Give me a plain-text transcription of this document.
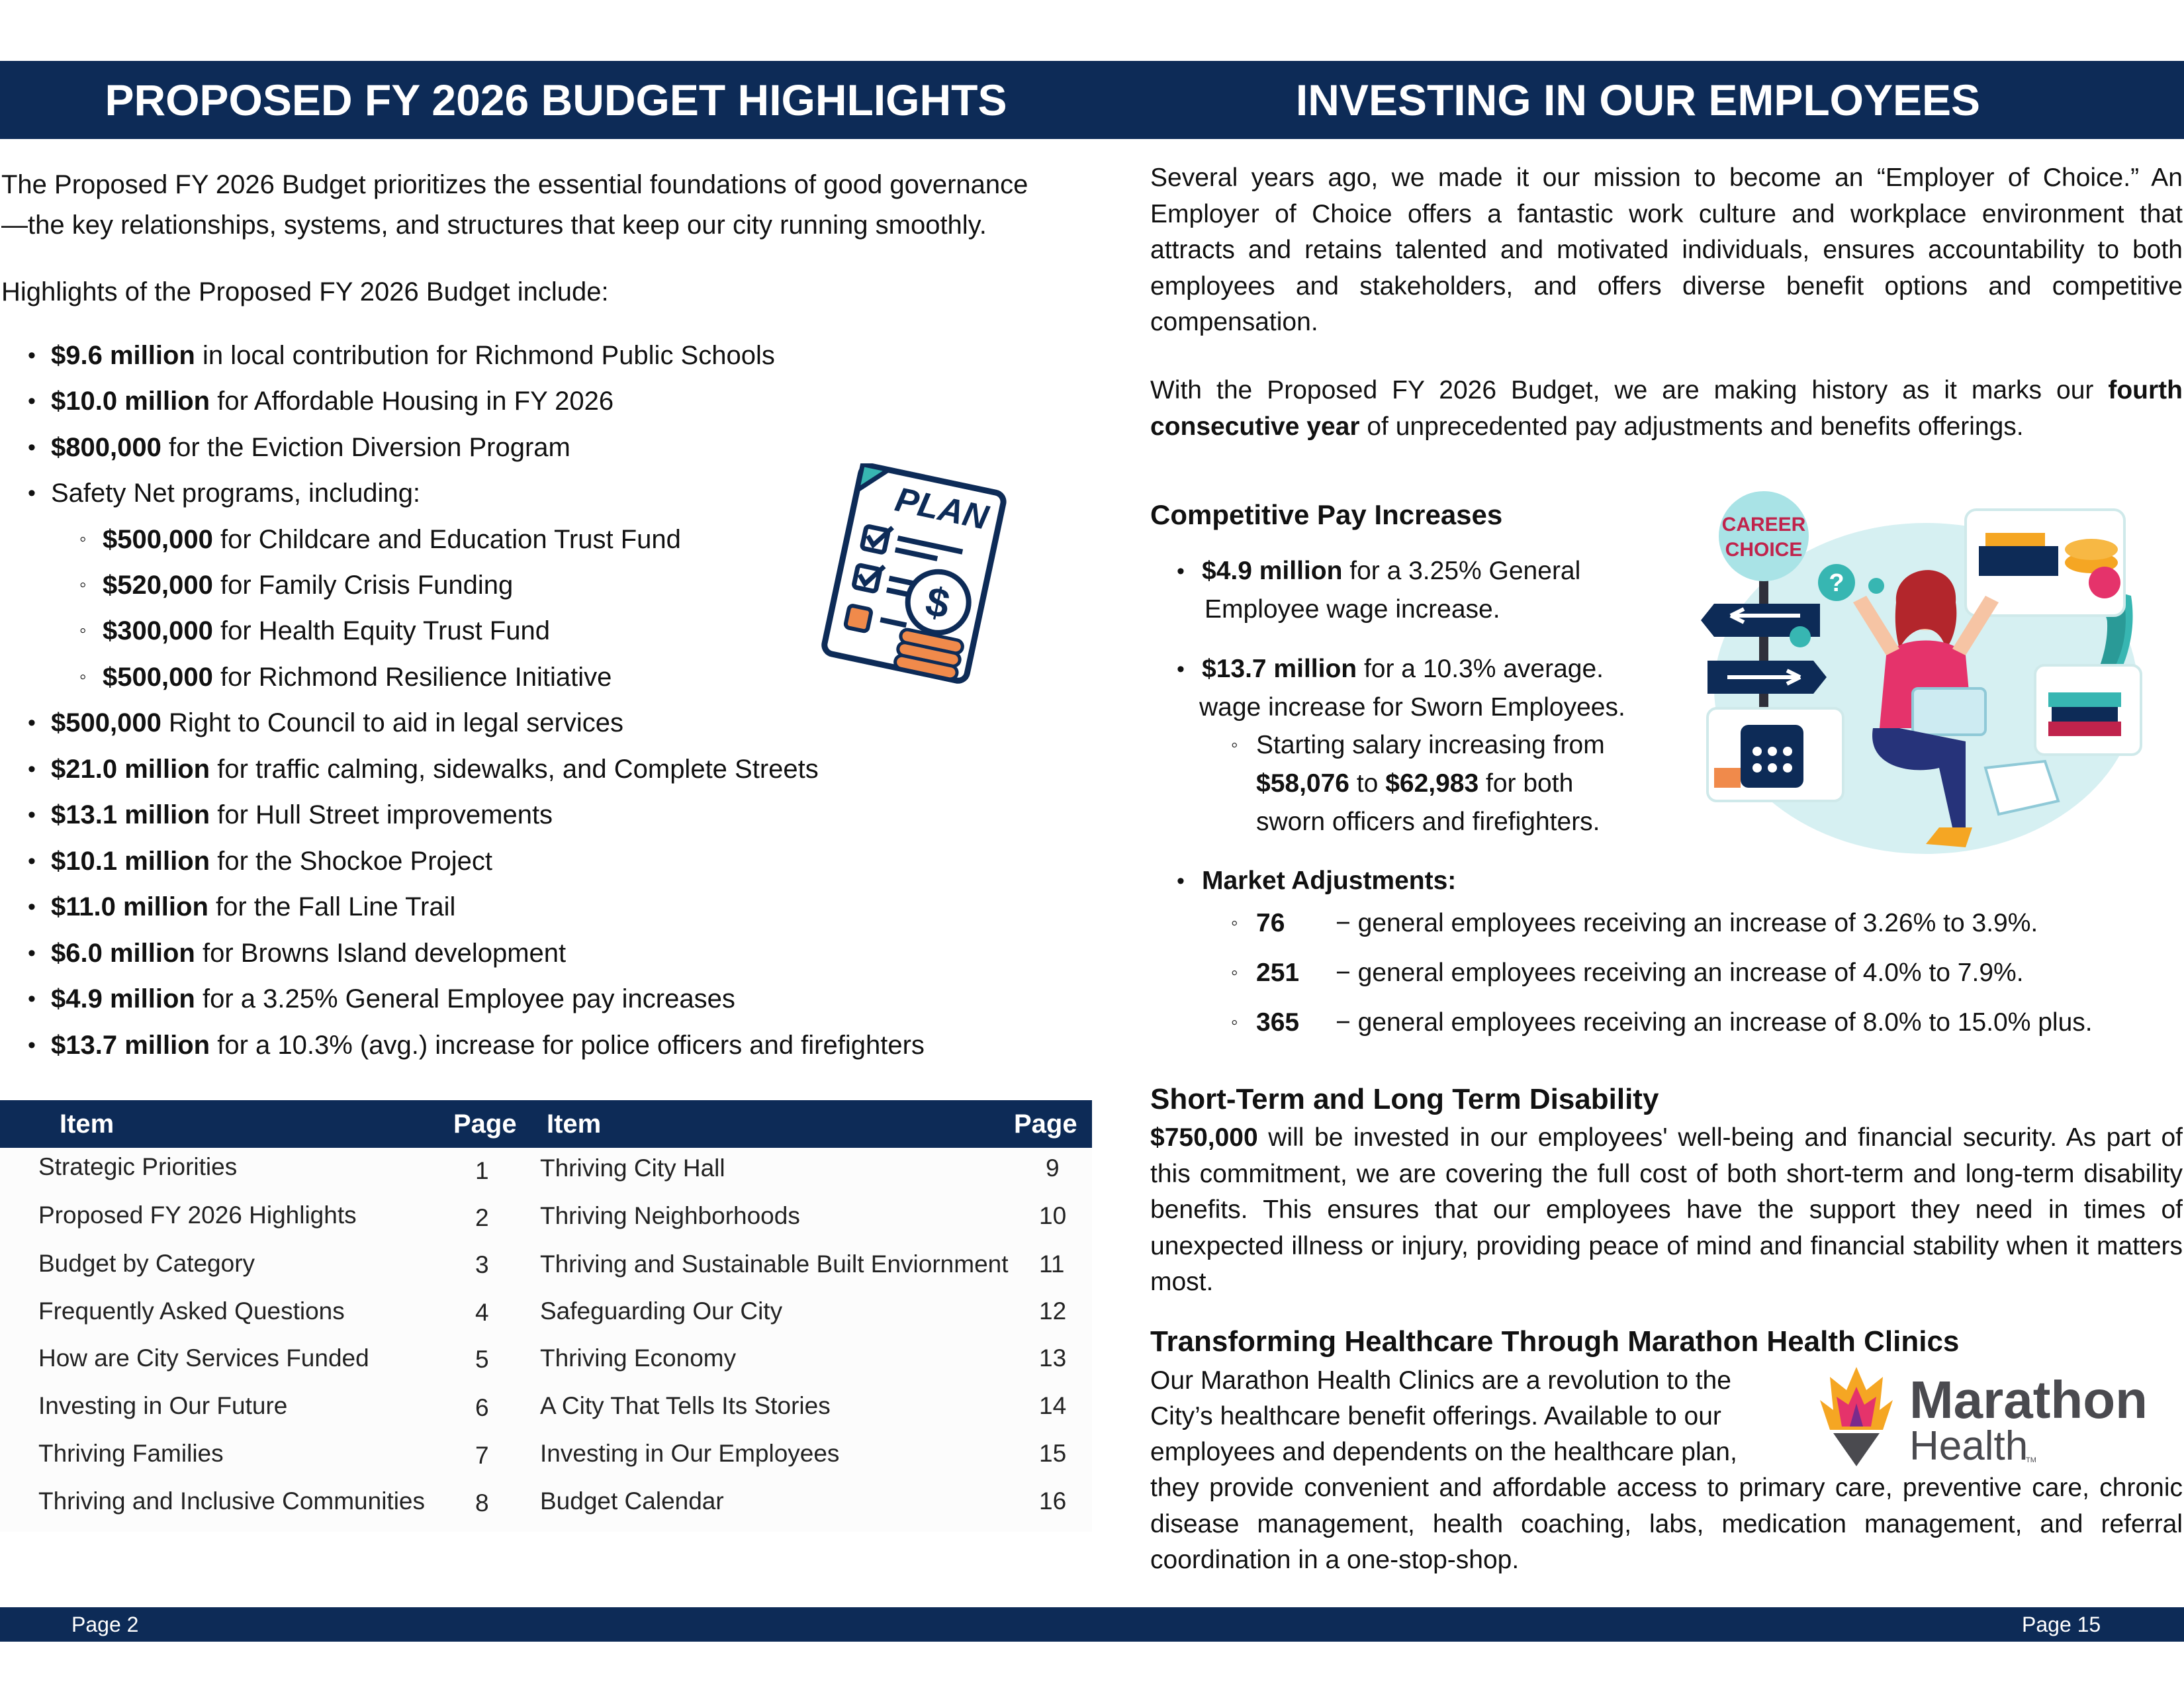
PROPOSED FY 2026 BUDGET HIGHLIGHTS	INVESTING IN OUR EMPLOYEES
The Proposed FY 2026 Budget prioritizes the essential foundations of good governance
—the key relationships, systems, and structures that keep our city running smoothly.
Highlights of the Proposed FY 2026 Budget include:
• $9.6 million in local contribution for Richmond Public Schools
• $10.0 million for Affordable Housing in FY 2026
• $800,000 for the Eviction Diversion Program
• Safety Net programs, including:
◦ $500,000 for Childcare and Education Trust Fund
◦ $520,000 for Family Crisis Funding
◦ $300,000 for Health Equity Trust Fund
◦ $500,000 for Richmond Resilience Initiative
• $500,000 Right to Council to aid in legal services
• $21.0 million for traffic calming, sidewalks, and Complete Streets
• $13.1 million for Hull Street improvements
• $10.1 million for the Shockoe Project
• $11.0 million for the Fall Line Trail
• $6.0 million for Browns Island development
• $4.9 million for a 3.25% General Employee pay increases
• $13.7 million for a 10.3% (avg.) increase for police officers and firefighters
PLAN
$
Item	Page Item	Page
Strategic Priorities	1 Thriving City Hall	9
Proposed FY 2026 Highlights	2 Thriving Neighborhoods	10
Budget by Category	3 Thriving and Sustainable Built Enviornment 11
Frequently Asked Questions	4 Safeguarding Our City	12
How are City Services Funded	5 Thriving Economy	13
Investing in Our Future	6 A City That Tells Its Stories	14
Thriving Families	7 Investing in Our Employees	15
Thriving and Inclusive Communities 8 Budget Calendar	16
Several years ago, we made it our mission to become an “Employer of Choice.” An Employer of Choice offers a fantastic work culture and workplace environment that attracts and retains talented and motivated individuals, ensures accountability to both employees and stakeholders, and offers diverse benefit options and competitive compensation.
With the Proposed FY 2026 Budget, we are making history as it marks our fourth consecutive year of unprecedented pay adjustments and benefits offerings.
Competitive Pay Increases
• $4.9 million for a 3.25% General
Employee wage increase.
• $13.7 million for a 10.3% average.
wage increase for Sworn Employees.
◦ Starting salary increasing from
$58,076 to $62,983 for both
sworn officers and firefighters.
• Market Adjustments:
◦ 76 − general employees receiving an increase of 3.26% to 3.9%.
◦ 251 − general employees receiving an increase of 4.0% to 7.9%.
◦ 365 − general employees receiving an increase of 8.0% to 15.0% plus.
CAREER
CHOICE
?
Short-Term and Long Term Disability
$750,000 will be invested in our employees' well-being and financial security. As part of this commitment, we are covering the full cost of both short-term and long-term disability benefits. This ensures that our employees have the support they need in times of unexpected illness or injury, providing peace of mind and financial stability when it matters most.
Transforming Healthcare Through Marathon Health Clinics
Our Marathon Health Clinics are a revolution to the
City’s healthcare benefit offerings. Available to our
employees and dependents on the healthcare plan,
they provide convenient and affordable access to primary care, preventive care, chronic disease management, health coaching, labs, medication management, and referral coordination in a one-stop-shop.
Marathon
Health
TM
Page 2	Page 15
